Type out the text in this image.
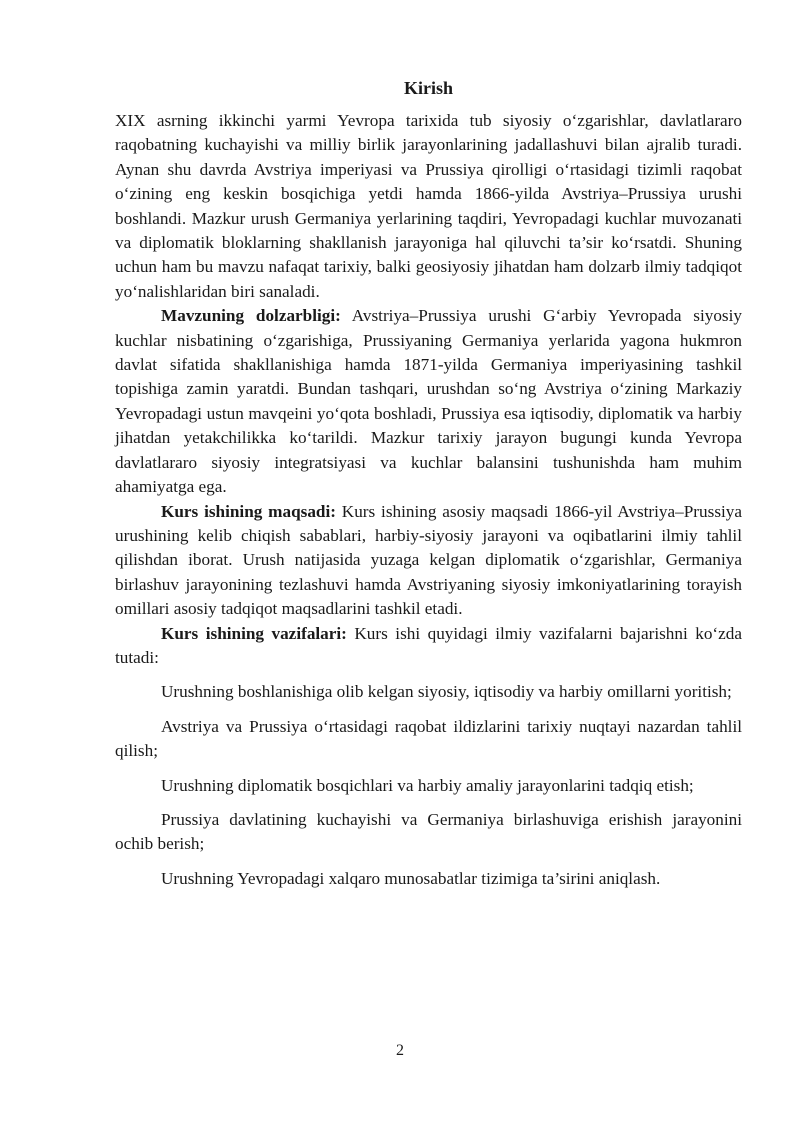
Kirish

XIX asrning ikkinchi yarmi Yevropa tarixida tub siyosiy o‘zgarishlar, davlatlararo raqobatning kuchayishi va milliy birlik jarayonlarining jadallashuvi bilan ajralib turadi. Aynan shu davrda Avstriya imperiyasi va Prussiya qirolligi o‘rtasidagi tizimli raqobat o‘zining eng keskin bosqichiga yetdi hamda 1866-yilda Avstriya–Prussiya urushi boshlandi. Mazkur urush Germaniya yerlarining taqdiri, Yevropadagi kuchlar muvozanati va diplomatik bloklarning shakllanish jarayoniga hal qiluvchi ta’sir ko‘rsatdi. Shuning uchun ham bu mavzu nafaqat tarixiy, balki geosiyosiy jihatdan ham dolzarb ilmiy tadqiqot yo‘nalishlaridan biri sanaladi.

Mavzuning dolzarbligi: Avstriya–Prussiya urushi G‘arbiy Yevropada siyosiy kuchlar nisbatining o‘zgarishiga, Prussiyaning Germaniya yerlarida yagona hukmron davlat sifatida shakllanishiga hamda 1871-yilda Germaniya imperiyasining tashkil topishiga zamin yaratdi. Bundan tashqari, urushdan so‘ng Avstriya o‘zining Markaziy Yevropadagi ustun mavqeini yo‘qota boshladi, Prussiya esa iqtisodiy, diplomatik va harbiy jihatdan yetakchilikka ko‘tarildi. Mazkur tarixiy jarayon bugungi kunda Yevropa davlatlararo siyosiy integratsiyasi va kuchlar balansini tushunishda ham muhim ahamiyatga ega.

Kurs ishining maqsadi: Kurs ishining asosiy maqsadi 1866-yil Avstriya–Prussiya urushining kelib chiqish sabablari, harbiy-siyosiy jarayoni va oqibatlarini ilmiy tahlil qilishdan iborat. Urush natijasida yuzaga kelgan diplomatik o‘zgarishlar, Germaniya birlashuv jarayonining tezlashuvi hamda Avstriyaning siyosiy imkoniyatlarining torayish omillari asosiy tadqiqot maqsadlarini tashkil etadi.

Kurs ishining vazifalari: Kurs ishi quyidagi ilmiy vazifalarni bajarishni ko‘zda tutadi:

Urushning boshlanishiga olib kelgan siyosiy, iqtisodiy va harbiy omillarni yoritish;

Avstriya va Prussiya o‘rtasidagi raqobat ildizlarini tarixiy nuqtayi nazardan tahlil qilish;

Urushning diplomatik bosqichlari va harbiy amaliy jarayonlarini tadqiq etish;

Prussiya davlatining kuchayishi va Germaniya birlashuviga erishish jarayonini ochib berish;

Urushning Yevropadagi xalqaro munosabatlar tizimiga ta’sirini aniqlash.

2
